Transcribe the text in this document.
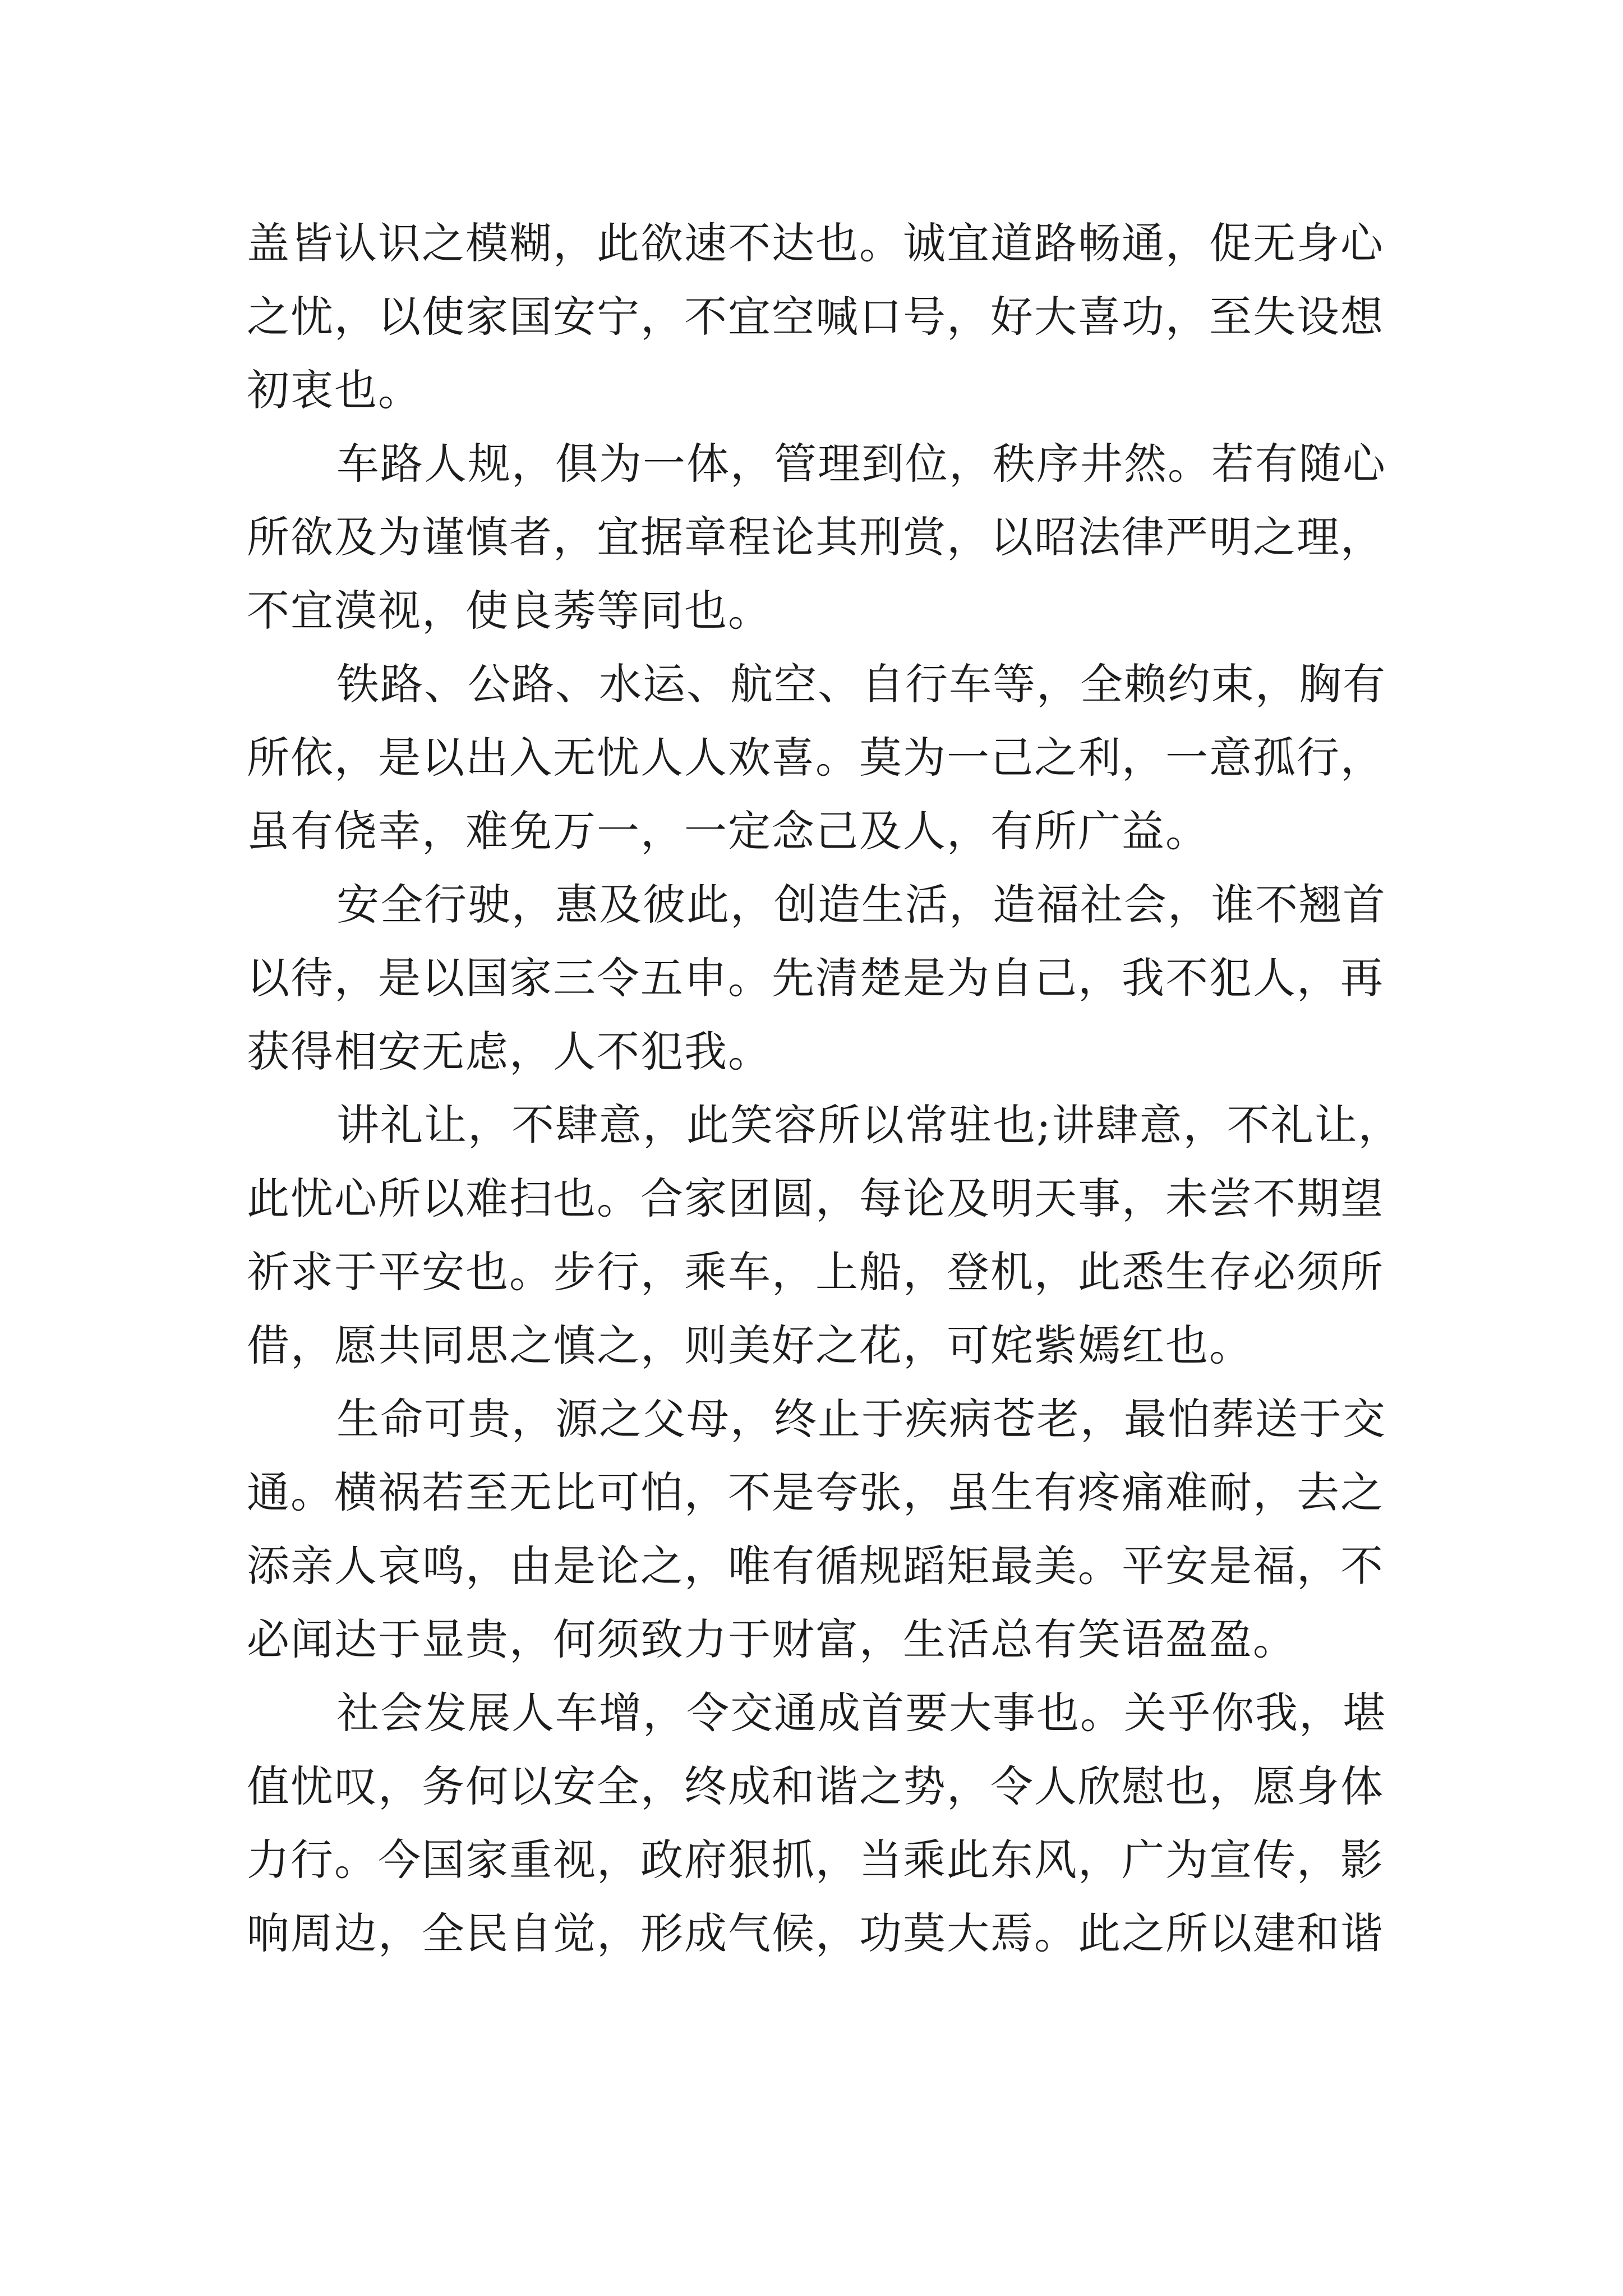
盖皆认识之模糊，此欲速不达也。诚宜道路畅通，促无身心
之忧，以使家国安宁，不宜空喊口号，好大喜功，至失设想
初衷也。

车路人规，俱为一体，管理到位，秩序井然。若有随心
所欲及为谨慎者，宜据章程论其刑赏，以昭法律严明之理，
不宜漠视，使良莠等同也。

铁路、公路、水运、航空、自行车等，全赖约束，胸有
所依，是以出入无忧人人欢喜。莫为一己之利，一意孤行，
虽有侥幸，难免万一，一定念己及人，有所广益。

安全行驶，惠及彼此，创造生活，造福社会，谁不翘首
以待，是以国家三令五申。先清楚是为自己，我不犯人，再
获得相安无虑，人不犯我。

讲礼让，不肆意，此笑容所以常驻也;讲肆意，不礼让，
此忧心所以难扫也。合家团圆，每论及明天事，未尝不期望
祈求于平安也。步行，乘车，上船，登机，此悉生存必须所
借，愿共同思之慎之，则美好之花，可姹紫嫣红也。

生命可贵，源之父母，终止于疾病苍老，最怕葬送于交
通。横祸若至无比可怕，不是夸张，虽生有疼痛难耐，去之
添亲人哀鸣，由是论之，唯有循规蹈矩最美。平安是福，不
必闻达于显贵，何须致力于财富，生活总有笑语盈盈。

社会发展人车增，令交通成首要大事也。关乎你我，堪
值忧叹，务何以安全，终成和谐之势，令人欣慰也，愿身体
力行。今国家重视，政府狠抓，当乘此东风，广为宣传，影
响周边，全民自觉，形成气候，功莫大焉。此之所以建和谐
